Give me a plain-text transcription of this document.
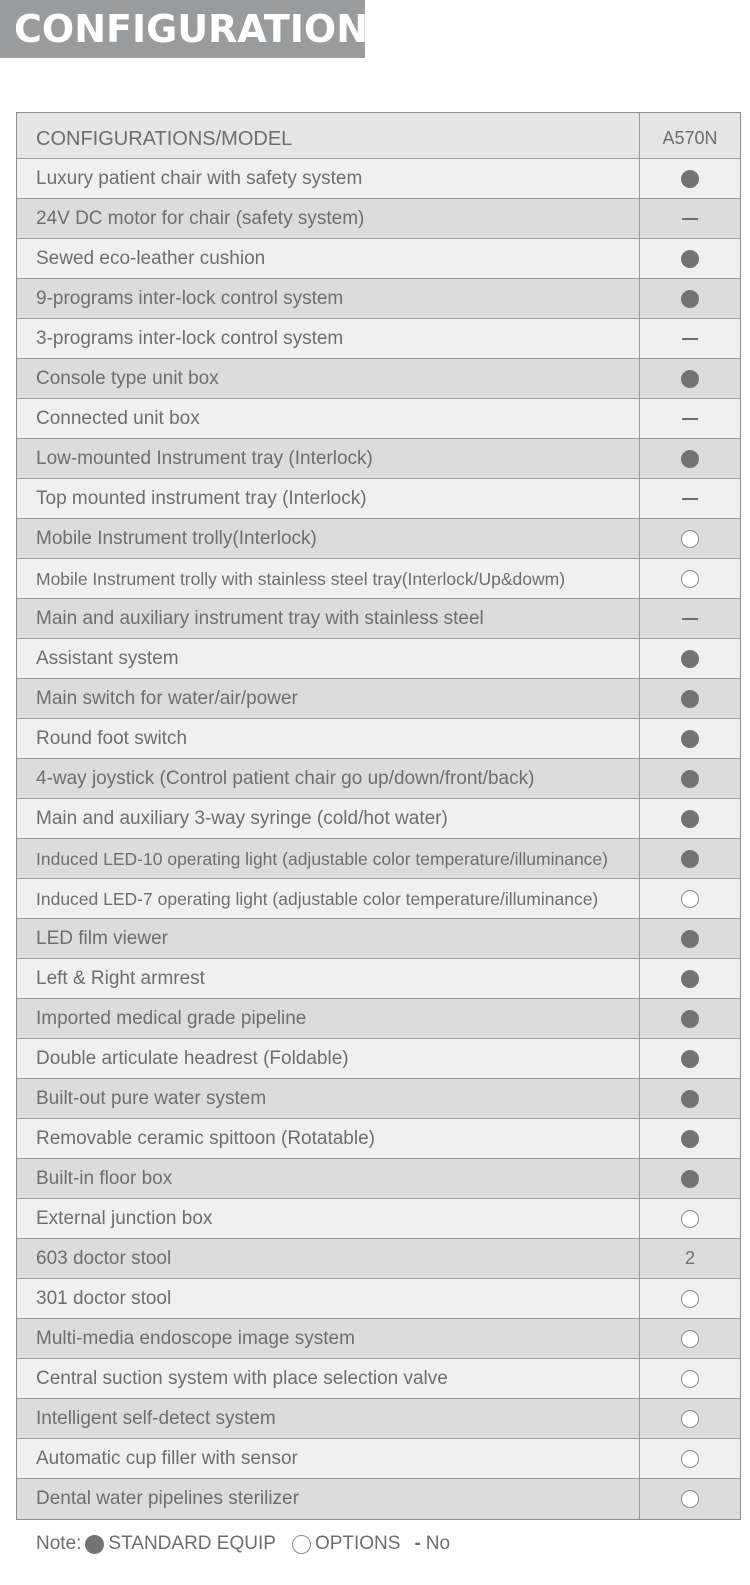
CONFIGURATIONS
CONFIGURATIONS/MODEL	A570N
Luxury patient chair with safety system
24V DC motor for chair (safety system)
Sewed eco-leather cushion
9-programs inter-lock control system
3-programs inter-lock control system
Console type unit box
Connected unit box
Low-mounted Instrument tray (Interlock)
Top mounted instrument tray (Interlock)
Mobile Instrument trolly(Interlock)
Mobile Instrument trolly with stainless steel tray(Interlock/Up&dowm)
Main and auxiliary instrument tray with stainless steel
Assistant system
Main switch for water/air/power
Round foot switch
4-way joystick (Control patient chair go up/down/front/back)
Main and auxiliary 3-way syringe (cold/hot water)
Induced LED-10 operating light (adjustable color temperature/illuminance)
Induced LED-7 operating light (adjustable color temperature/illuminance)
LED film viewer
Left & Right armrest
Imported medical grade pipeline
Double articulate headrest (Foldable)
Built-out pure water system
Removable ceramic spittoon (Rotatable)
Built-in floor box
External junction box
603 doctor stool	2
301 doctor stool
Multi-media endoscope image system
Central suction system with place selection valve
Intelligent self-detect system
Automatic cup filler with sensor
Dental water pipelines sterilizer
Note: STANDARD EQUIP OPTIONS - No
